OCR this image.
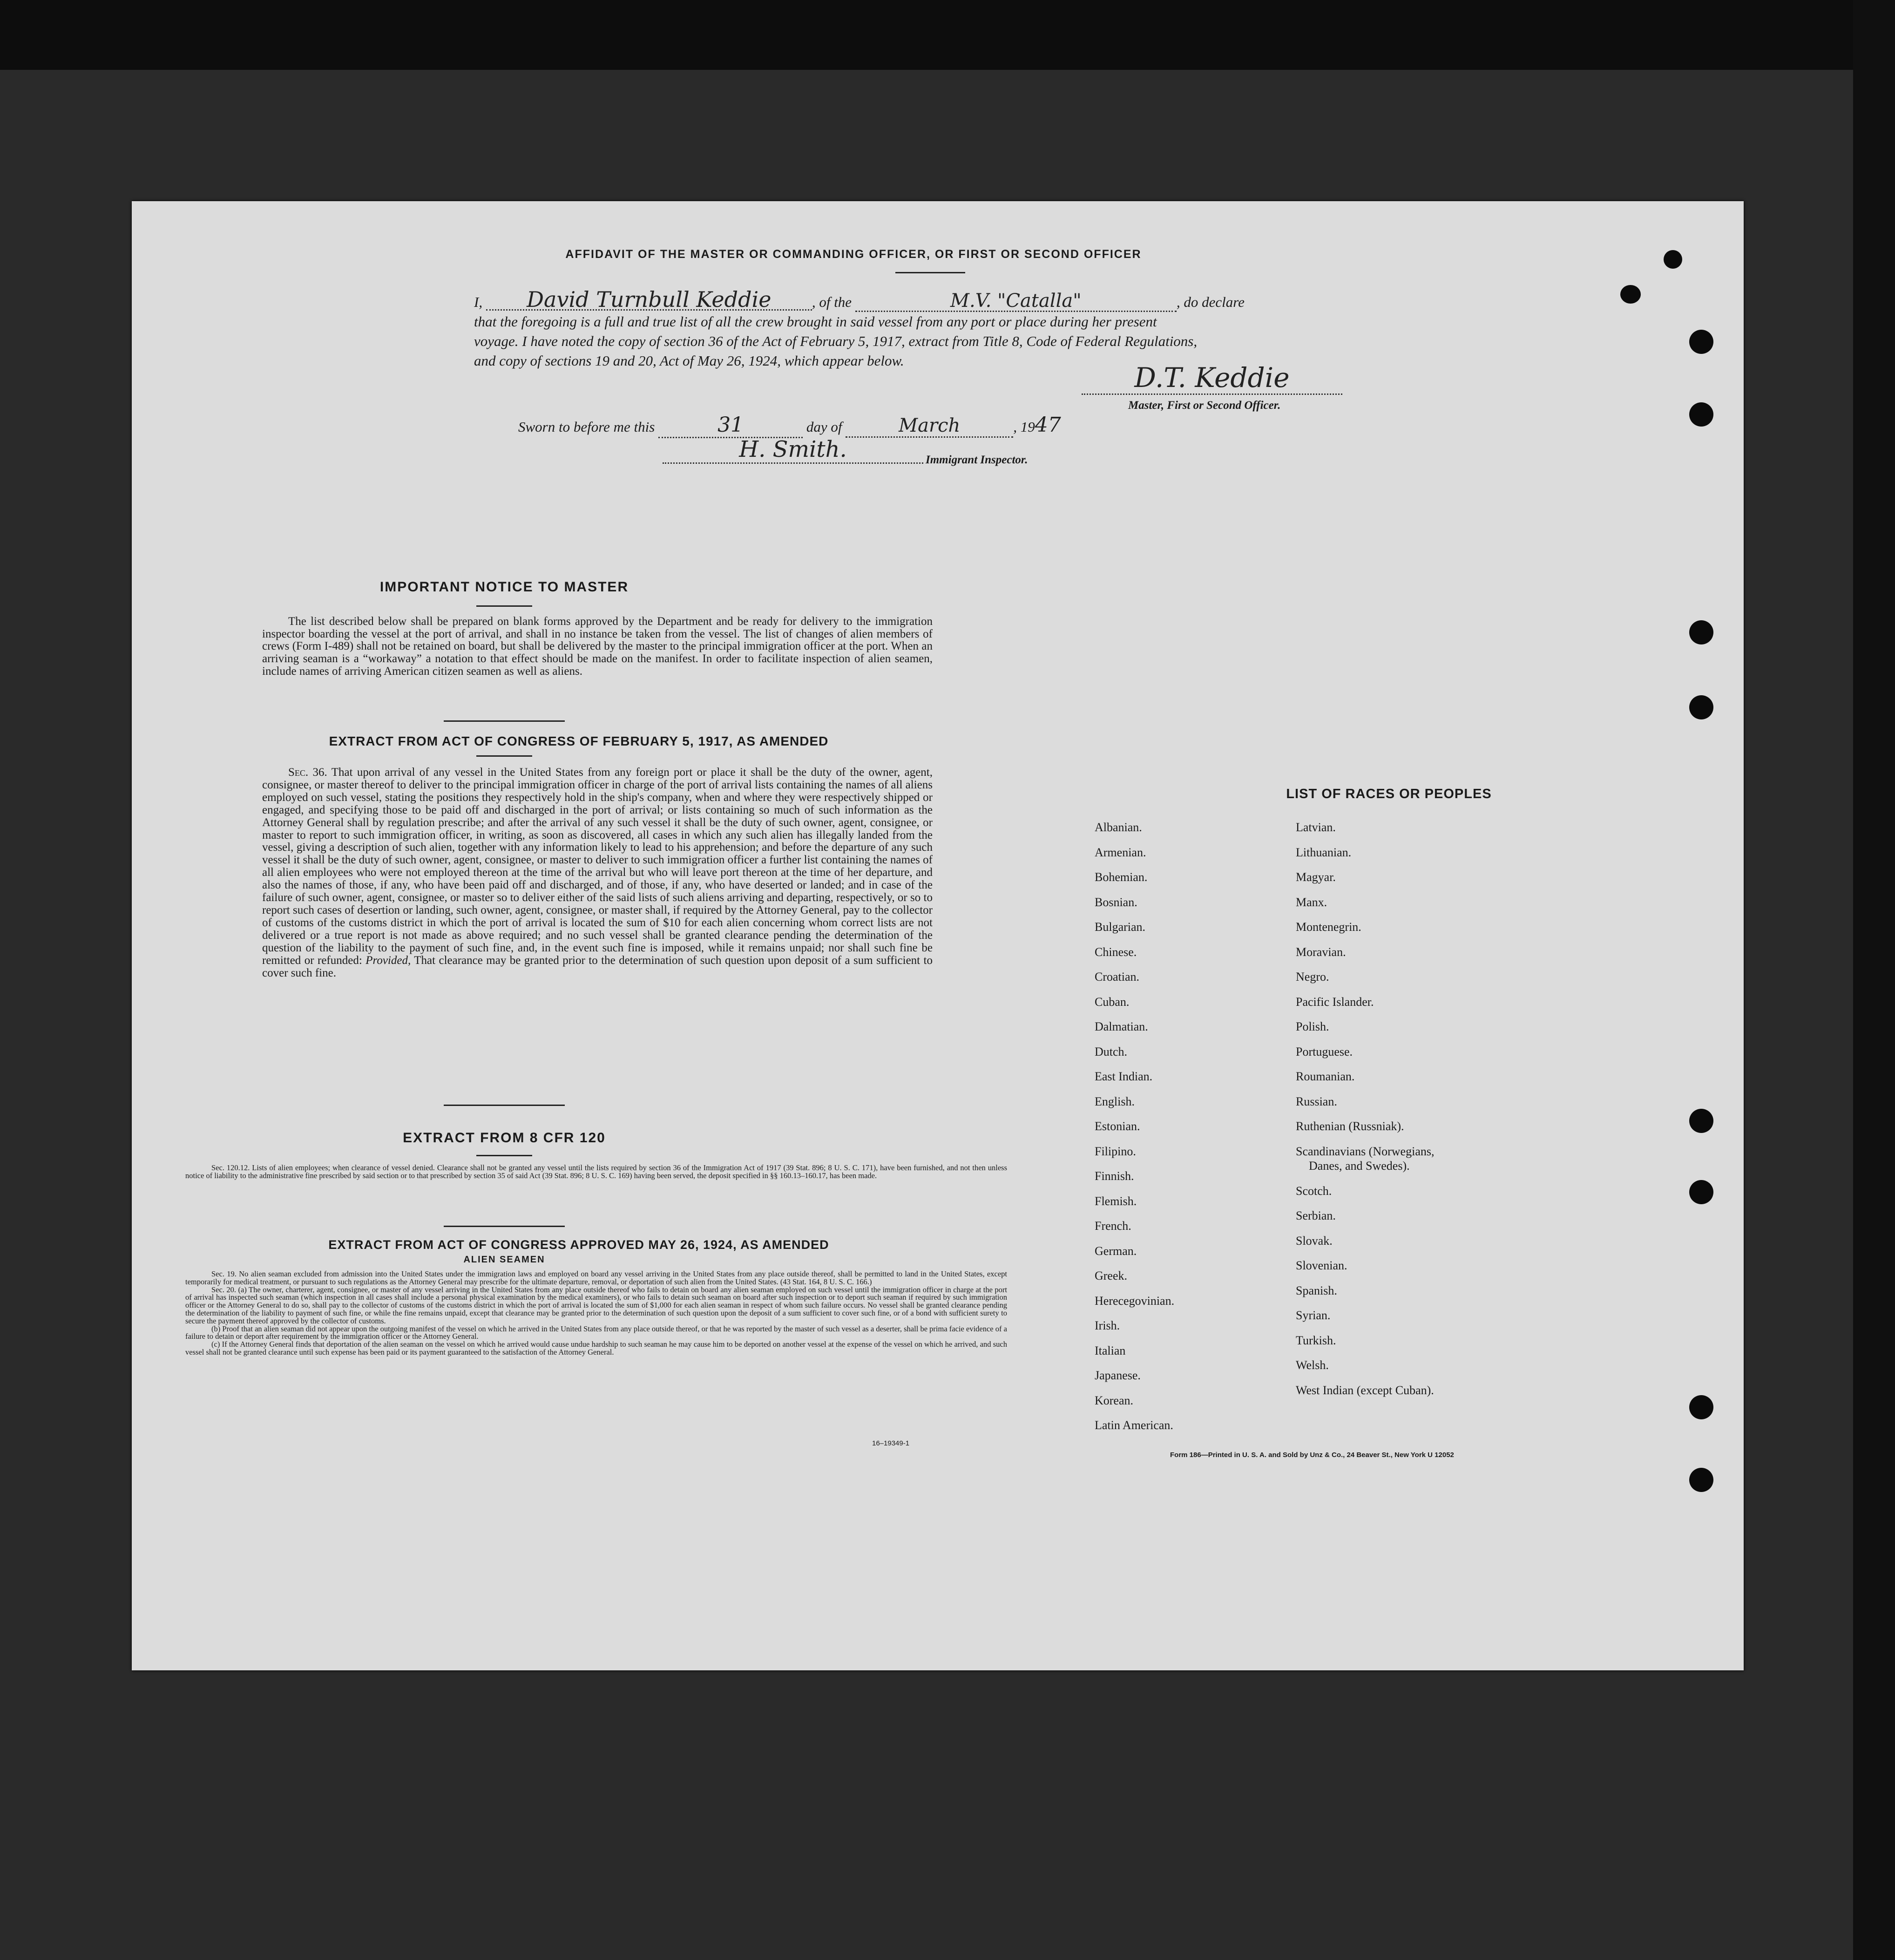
AFFIDAVIT OF THE MASTER OR COMMANDING OFFICER, OR FIRST OR SECOND OFFICER
I, David Turnbull Keddie	, of the	M.V. "Catalla"	, do declare
that the foregoing is a full and true list of all the crew brought in said vessel from any port or place during her present
voyage. I have noted the copy of section 36 of the Act of February 5, 1917, extract from Title 8, Code of Federal Regulations,
and copy of sections 19 and 20, Act of May 26, 1924, which appear below.
D.T. Keddie
Master, First or Second Officer.
Sworn to before me this	31	day of	March	, 1947
H. Smith.	Immigrant Inspector.
IMPORTANT NOTICE TO MASTER
The list described below shall be prepared on blank forms approved by the Department and be ready for delivery to the immigration inspector boarding the vessel at the port of arrival, and shall in no instance be taken from the vessel. The list of changes of alien members of crews (Form I-489) shall not be retained on board, but shall be delivered by the master to the principal immigration officer at the port. When an arriving seaman is a “workaway” a notation to that effect should be made on the manifest. In order to facilitate inspection of alien seamen, include names of arriving American citizen seamen as well as aliens.
EXTRACT FROM ACT OF CONGRESS OF FEBRUARY 5, 1917, AS AMENDED
Sec. 36. That upon arrival of any vessel in the United States from any foreign port or place it shall be the duty of the owner, agent, consignee, or master thereof to deliver to the principal immigration officer in charge of the port of arrival lists containing the names of all aliens employed on such vessel, stating the positions they respectively hold in the ship's company, when and where they were respectively shipped or engaged, and specifying those to be paid off and discharged in the port of arrival; or lists containing so much of such information as the Attorney General shall by regulation prescribe; and after the arrival of any such vessel it shall be the duty of such owner, agent, consignee, or master to report to such immigration officer, in writing, as soon as discovered, all cases in which any such alien has illegally landed from the vessel, giving a description of such alien, together with any information likely to lead to his apprehension; and before the departure of any such vessel it shall be the duty of such owner, agent, consignee, or master to deliver to such immigration officer a further list containing the names of all alien employees who were not employed thereon at the time of the arrival but who will leave port thereon at the time of her departure, and also the names of those, if any, who have been paid off and discharged, and of those, if any, who have deserted or landed; and in case of the failure of such owner, agent, consignee, or master so to deliver either of the said lists of such aliens arriving and departing, respectively, or so to report such cases of desertion or landing, such owner, agent, consignee, or master shall, if required by the Attorney General, pay to the collector of customs of the customs district in which the port of arrival is located the sum of $10 for each alien concerning whom correct lists are not delivered or a true report is not made as above required; and no such vessel shall be granted clearance pending the determination of the question of the liability to the payment of such fine, and, in the event such fine is imposed, while it remains unpaid; nor shall such fine be remitted or refunded: Provided, That clearance may be granted prior to the determination of such question upon deposit of a sum sufficient to cover such fine.
EXTRACT FROM 8 CFR 120
Sec. 120.12. Lists of alien employees; when clearance of vessel denied. Clearance shall not be granted any vessel until the lists required by section 36 of the Immigration Act of 1917 (39 Stat. 896; 8 U. S. C. 171), have been furnished, and not then unless notice of liability to the administrative fine prescribed by said section or to that prescribed by section 35 of said Act (39 Stat. 896; 8 U. S. C. 169) having been served, the deposit specified in §§ 160.13–160.17, has been made.
EXTRACT FROM ACT OF CONGRESS APPROVED MAY 26, 1924, AS AMENDED
ALIEN SEAMEN
Sec. 19. No alien seaman excluded from admission into the United States under the immigration laws and employed on board any vessel arriving in the United States from any place outside thereof, shall be permitted to land in the United States, except temporarily for medical treatment, or pursuant to such regulations as the Attorney General may prescribe for the ultimate departure, removal, or deportation of such alien from the United States. (43 Stat. 164, 8 U. S. C. 166.)
Sec. 20. (a) The owner, charterer, agent, consignee, or master of any vessel arriving in the United States from any place outside thereof who fails to detain on board any alien seaman employed on such vessel until the immigration officer in charge at the port of arrival has inspected such seaman (which inspection in all cases shall include a personal physical examination by the medical examiners), or who fails to detain such seaman on board after such inspection or to deport such seaman if required by such immigration officer or the Attorney General to do so, shall pay to the collector of customs of the customs district in which the port of arrival is located the sum of $1,000 for each alien seaman in respect of whom such failure occurs. No vessel shall be granted clearance pending the determination of the liability to payment of such fine, or while the fine remains unpaid, except that clearance may be granted prior to the determination of such question upon the deposit of a sum sufficient to cover such fine, or of a bond with sufficient surety to secure the payment thereof approved by the collector of customs.
(b) Proof that an alien seaman did not appear upon the outgoing manifest of the vessel on which he arrived in the United States from any place outside thereof, or that he was reported by the master of such vessel as a deserter, shall be prima facie evidence of a failure to detain or deport after requirement by the immigration officer or the Attorney General.
(c) If the Attorney General finds that deportation of the alien seaman on the vessel on which he arrived would cause undue hardship to such seaman he may cause him to be deported on another vessel at the expense of the vessel on which he arrived, and such vessel shall not be granted clearance until such expense has been paid or its payment guaranteed to the satisfaction of the Attorney General.
16–19349-1
LIST OF RACES OR PEOPLES
Albanian.
Armenian.
Bohemian.
Bosnian.
Bulgarian.
Chinese.
Croatian.
Cuban.
Dalmatian.
Dutch.
East Indian.
English.
Estonian.
Filipino.
Finnish.
Flemish.
French.
German.
Greek.
Herecegovinian.
Irish.
Italian
Japanese.
Korean.
Latin American.
Latvian.
Lithuanian.
Magyar.
Manx.
Montenegrin.
Moravian.
Negro.
Pacific Islander.
Polish.
Portuguese.
Roumanian.
Russian.
Ruthenian (Russniak).
Scandinavians (Norwegians,
Danes, and Swedes).
Scotch.
Serbian.
Slovak.
Slovenian.
Spanish.
Syrian.
Turkish.
Welsh.
West Indian (except Cuban).
Form 186—Printed in U. S. A. and Sold by Unz & Co., 24 Beaver St., New York U 12052
